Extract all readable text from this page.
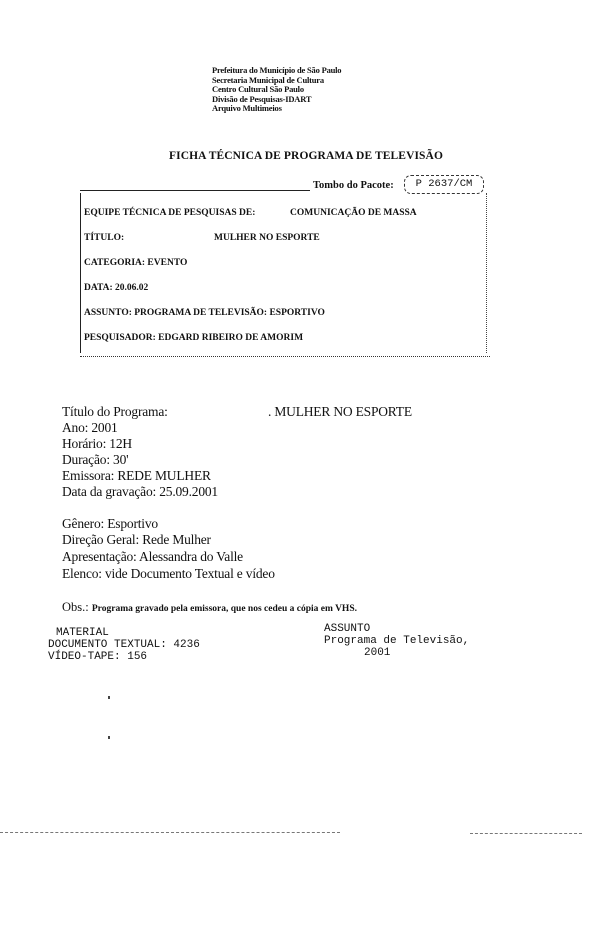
Prefeitura do Município de São Paulo
Secretaria Municipal de Cultura
Centro Cultural São Paulo
Divisão de Pesquisas-IDART
Arquivo Multimeios
FICHA TÉCNICA DE PROGRAMA DE TELEVISÃO
Tombo do Pacote:	P 2637/CM
EQUIPE TÉCNICA DE PESQUISAS DE:	COMUNICAÇÃO DE MASSA
TÍTULO:	MULHER NO ESPORTE
CATEGORIA: EVENTO
DATA: 20.06.02
ASSUNTO: PROGRAMA DE TELEVISÃO: ESPORTIVO
PESQUISADOR: EDGARD RIBEIRO DE AMORIM
Título do Programa:	. MULHER NO ESPORTE
Ano: 2001
Horário: 12H
Duração: 30'
Emissora: REDE MULHER
Data da gravação: 25.09.2001
Gênero: Esportivo
Direção Geral: Rede Mulher
Apresentação: Alessandra do Valle
Elenco: vide Documento Textual e vídeo
Obs.: Programa gravado pela emissora, que nos cedeu a cópia em VHS.
MATERIAL
DOCUMENTO TEXTUAL: 4236
VÍDEO-TAPE: 156
ASSUNTO
Programa de Televisão,
2001
